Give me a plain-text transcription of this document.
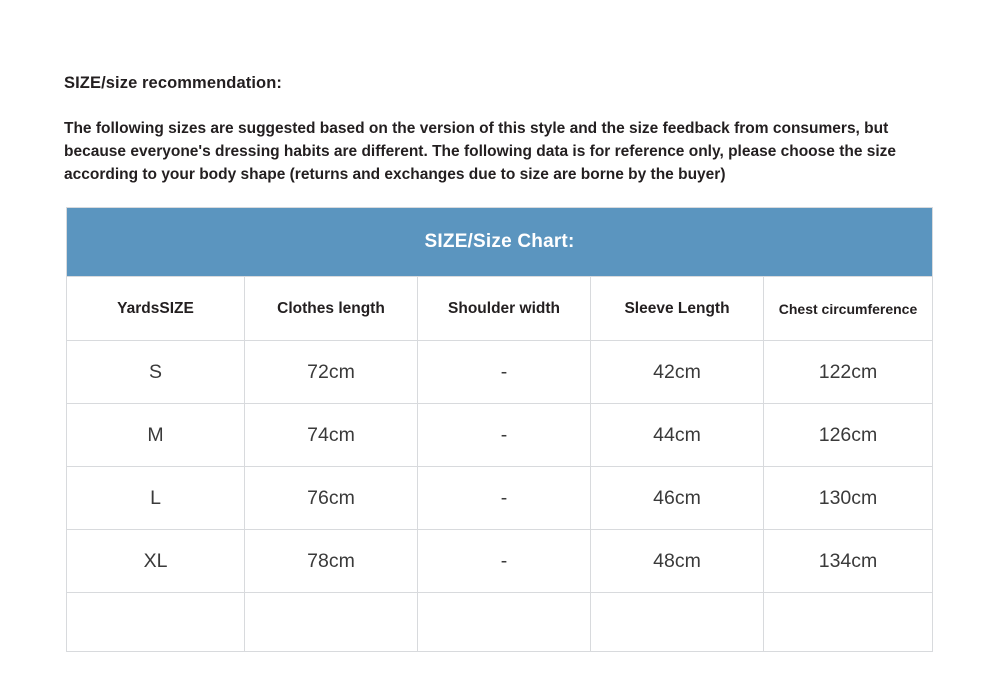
SIZE/size recommendation:
The following sizes are suggested based on the version of this style and the size feedback from consumers, but because everyone's dressing habits are different. The following data is for reference only, please choose the size according to your body shape (returns and exchanges due to size are borne by the buyer)
SIZE/Size Chart:				
YardsSIZE	Clothes length	Shoulder width	Sleeve Length	Chest circumference
S	72cm	-	42cm	122cm
M	74cm	-	44cm	126cm
L	76cm	-	46cm	130cm
XL	78cm	-	48cm	134cm
